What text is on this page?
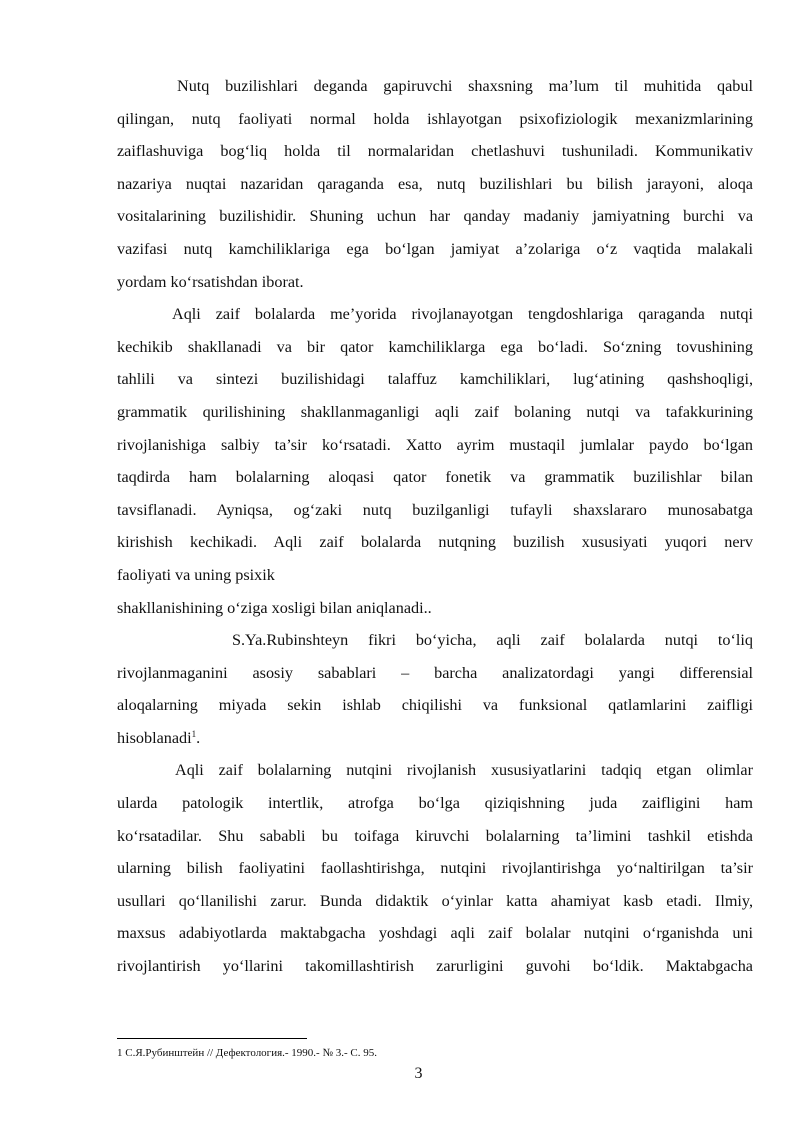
Nutq buzilishlari deganda gapiruvchi shaxsning ma’lum til muhitida qabul
qilingan, nutq faoliyati normal holda ishlayotgan psixofiziologik mexanizmlarining
zaiflashuviga bog‘liq holda til normalaridan chetlashuvi tushuniladi. Kommunikativ
nazariya nuqtai nazaridan qaraganda esa, nutq buzilishlari bu bilish jarayoni, aloqa
vositalarining buzilishidir. Shuning uchun har qanday madaniy jamiyatning burchi va
vazifasi nutq kamchiliklariga ega bo‘lgan jamiyat a’zolariga o‘z vaqtida malakali
yordam ko‘rsatishdan iborat.
Aqli zaif bolalarda me’yorida rivojlanayotgan tengdoshlariga qaraganda nutqi
kechikib shakllanadi va bir qator kamchiliklarga ega bo‘ladi. So‘zning tovushining
tahlili va sintezi buzilishidagi talaffuz kamchiliklari, lug‘atining qashshoqligi,
grammatik qurilishining shakllanmaganligi aqli zaif bolaning nutqi va tafakkurining
rivojlanishiga salbiy ta’sir ko‘rsatadi. Xatto ayrim mustaqil jumlalar paydo bo‘lgan
taqdirda ham bolalarning aloqasi qator fonetik va grammatik buzilishlar bilan
tavsiflanadi. Ayniqsa, og‘zaki nutq buzilganligi tufayli shaxslararo munosabatga
kirishish kechikadi. Aqli zaif bolalarda nutqning buzilish xususiyati yuqori nerv
faoliyati va uning psixik
shakllanishining o‘ziga xosligi bilan aniqlanadi..
S.Ya.Rubinshteyn fikri bo‘yicha, aqli zaif bolalarda nutqi to‘liq
rivojlanmaganini asosiy sabablari – barcha analizatordagi yangi differensial
aloqalarning miyada sekin ishlab chiqilishi va funksional qatlamlarini zaifligi
hisoblanadi$^1$.
Aqli zaif bolalarning nutqini rivojlanish xususiyatlarini tadqiq etgan olimlar
ularda patologik intertlik, atrofga bo‘lga qiziqishning juda zaifligini ham
ko‘rsatadilar. Shu sababli bu toifaga kiruvchi bolalarning ta’limini tashkil etishda
ularning bilish faoliyatini faollashtirishga, nutqini rivojlantirishga yo‘naltirilgan ta’sir
usullari qo‘llanilishi zarur. Bunda didaktik o‘yinlar katta ahamiyat kasb etadi. Ilmiy,
maxsus adabiyotlarda maktabgacha yoshdagi aqli zaif bolalar nutqini o‘rganishda uni
rivojlantirish yo‘llarini takomillashtirish zarurligini guvohi bo‘ldik. Maktabgacha
1 С.Я.Рубинштейн // Дефектология.- 1990.- № 3.- С. 95.
3
